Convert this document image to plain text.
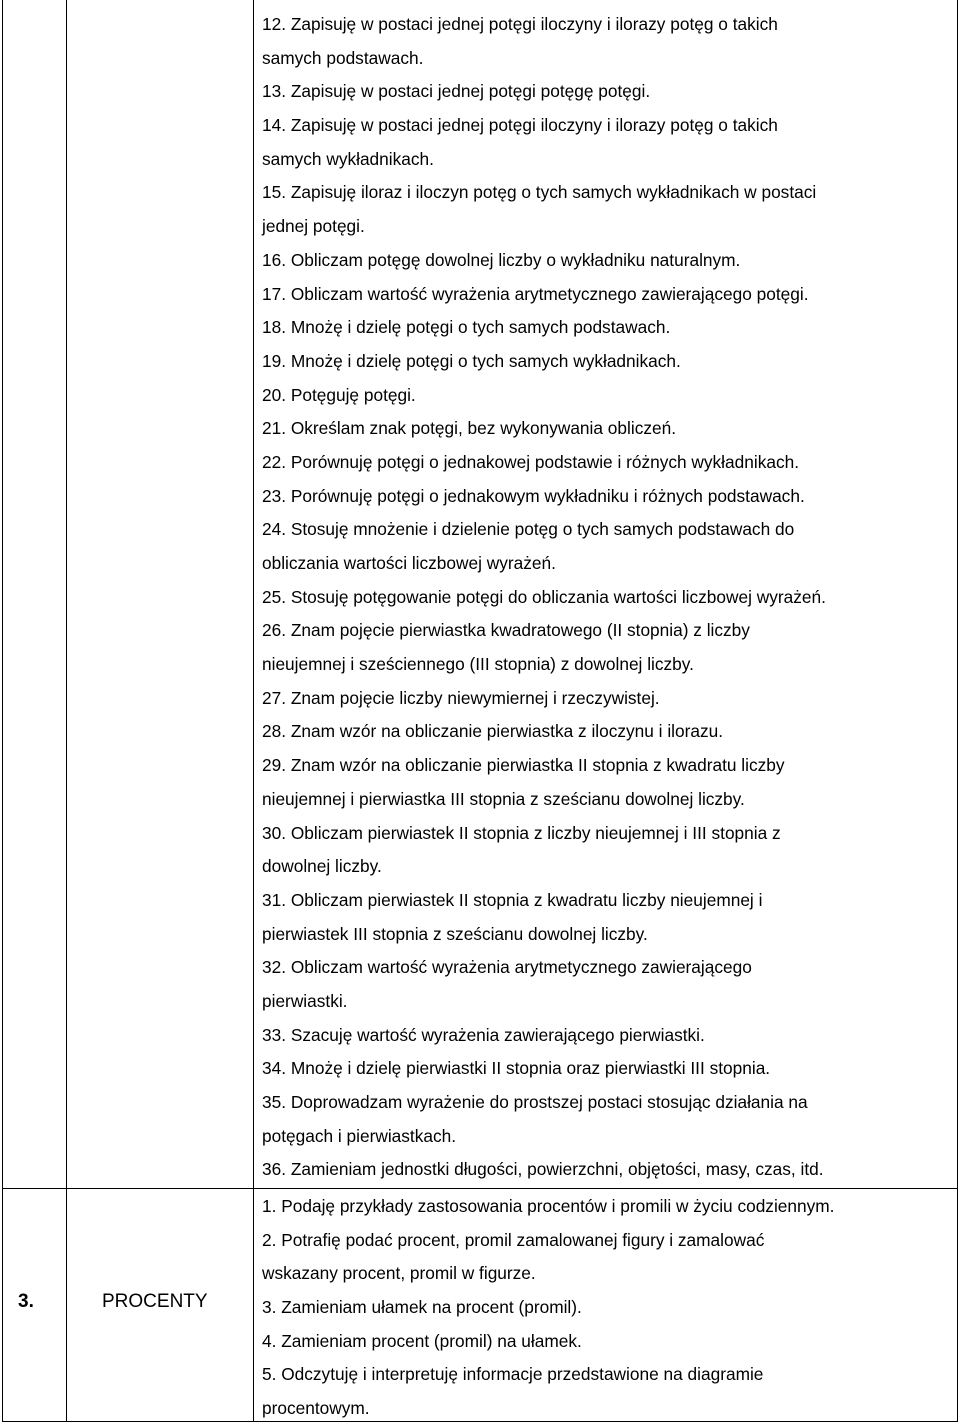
12. Zapisuję w postaci jednej potęgi iloczyny i ilorazy potęg o takich
samych podstawach.
13. Zapisuję w postaci jednej potęgi potęgę potęgi.
14. Zapisuję w postaci jednej potęgi iloczyny i ilorazy potęg o takich
samych wykładnikach.
15. Zapisuję iloraz i iloczyn potęg o tych samych wykładnikach w postaci
jednej potęgi.
16. Obliczam potęgę dowolnej liczby o wykładniku naturalnym.
17. Obliczam wartość wyrażenia arytmetycznego zawierającego potęgi.
18. Mnożę i dzielę potęgi o tych samych podstawach.
19. Mnożę i dzielę potęgi o tych samych wykładnikach.
20. Potęguję potęgi.
21. Określam znak potęgi, bez wykonywania obliczeń.
22. Porównuję potęgi o jednakowej podstawie i różnych wykładnikach.
23. Porównuję potęgi o jednakowym wykładniku i różnych podstawach.
24. Stosuję mnożenie i dzielenie potęg o tych samych podstawach do
obliczania wartości liczbowej wyrażeń.
25. Stosuję potęgowanie potęgi do obliczania wartości liczbowej wyrażeń.
26. Znam pojęcie pierwiastka kwadratowego (II stopnia) z liczby
nieujemnej i sześciennego (III stopnia) z dowolnej liczby.
27. Znam pojęcie liczby niewymiernej i rzeczywistej.
28. Znam wzór na obliczanie pierwiastka z iloczynu i ilorazu.
29. Znam wzór na obliczanie pierwiastka II stopnia z kwadratu liczby
nieujemnej i pierwiastka III stopnia z sześcianu dowolnej liczby.
30. Obliczam pierwiastek II stopnia z liczby nieujemnej i III stopnia z
dowolnej liczby.
31. Obliczam pierwiastek II stopnia z kwadratu liczby nieujemnej i
pierwiastek III stopnia z sześcianu dowolnej liczby.
32. Obliczam wartość wyrażenia arytmetycznego zawierającego
pierwiastki.
33. Szacuję wartość wyrażenia zawierającego pierwiastki.
34. Mnożę i dzielę pierwiastki II stopnia oraz pierwiastki III stopnia.
35. Doprowadzam wyrażenie do prostszej postaci stosując działania na
potęgach i pierwiastkach.
36. Zamieniam jednostki długości, powierzchni, objętości, masy, czas, itd.
3.	PROCENTY
1. Podaję przykłady zastosowania procentów i promili w życiu codziennym.
2. Potrafię podać procent, promil zamalowanej figury i zamalować
wskazany procent, promil w figurze.
3. Zamieniam ułamek na procent (promil).
4. Zamieniam procent (promil) na ułamek.
5. Odczytuję i interpretuję informacje przedstawione na diagramie
procentowym.
